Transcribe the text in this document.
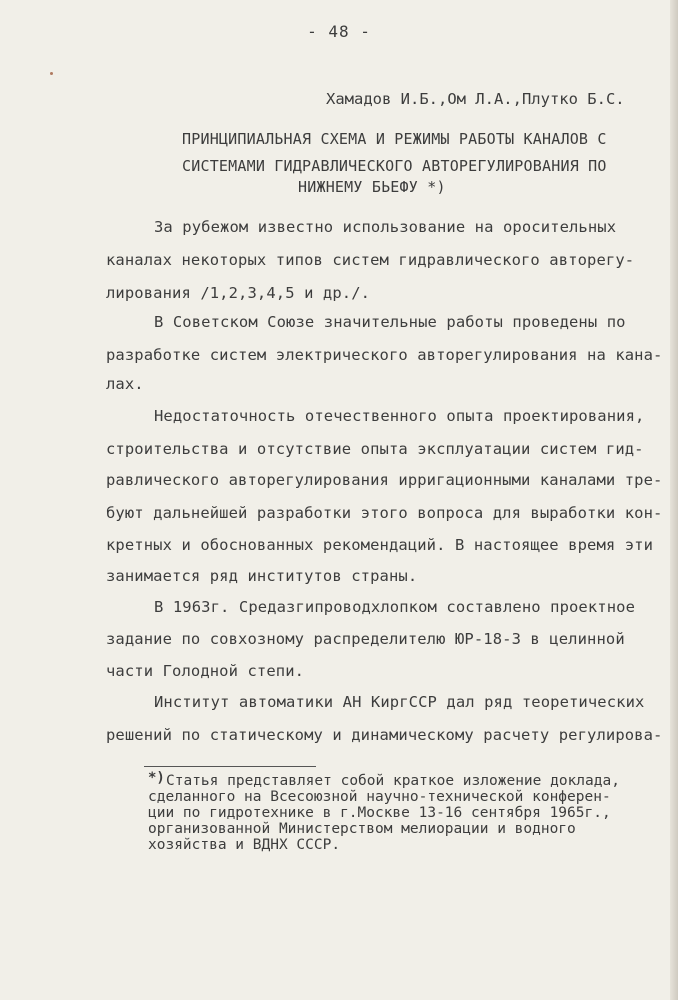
- 48 -
Хамадов И.Б.,Ом Л.А.,Плутко Б.С.
ПРИНЦИПИАЛЬНАЯ СХЕМА И РЕЖИМЫ РАБОТЫ КАНАЛОВ С
СИСТЕМАМИ ГИДРАВЛИЧЕСКОГО АВТОРЕГУЛИРОВАНИЯ ПО
НИЖНЕМУ БЬЕФУ *)
За рубежом известно использование на оросительных
каналах некоторых типов систем гидравлического авторегу-
лирования /1,2,3,4,5 и др./.
В Советском Союзе значительные работы проведены по
разработке систем электрического авторегулирования на кана-
лах.
Недостаточность отечественного опыта проектирования,
строительства и отсутствие опыта эксплуатации систем гид-
равлического авторегулирования ирригационными каналами тре-
буют дальнейшей разработки этого вопроса для выработки кон-
кретных и обоснованных рекомендаций. В настоящее время эти
занимается ряд институтов страны.
В 1963г. Средазгипроводхлопком составлено проектное
задание по совхозному распределителю ЮР-18-3 в целинной
части Голодной степи.
Институт автоматики АН КиргССР дал ряд теоретических
решений по статическому и динамическому расчету регулирова-
*) Статья представляет собой краткое изложение доклада,
сделанного на Всесоюзной научно-технической конферен-
ции по гидротехнике в г.Москве 13-16 сентября 1965г.,
организованной Министерством мелиорации и водного
хозяйства и ВДНХ СССР.
